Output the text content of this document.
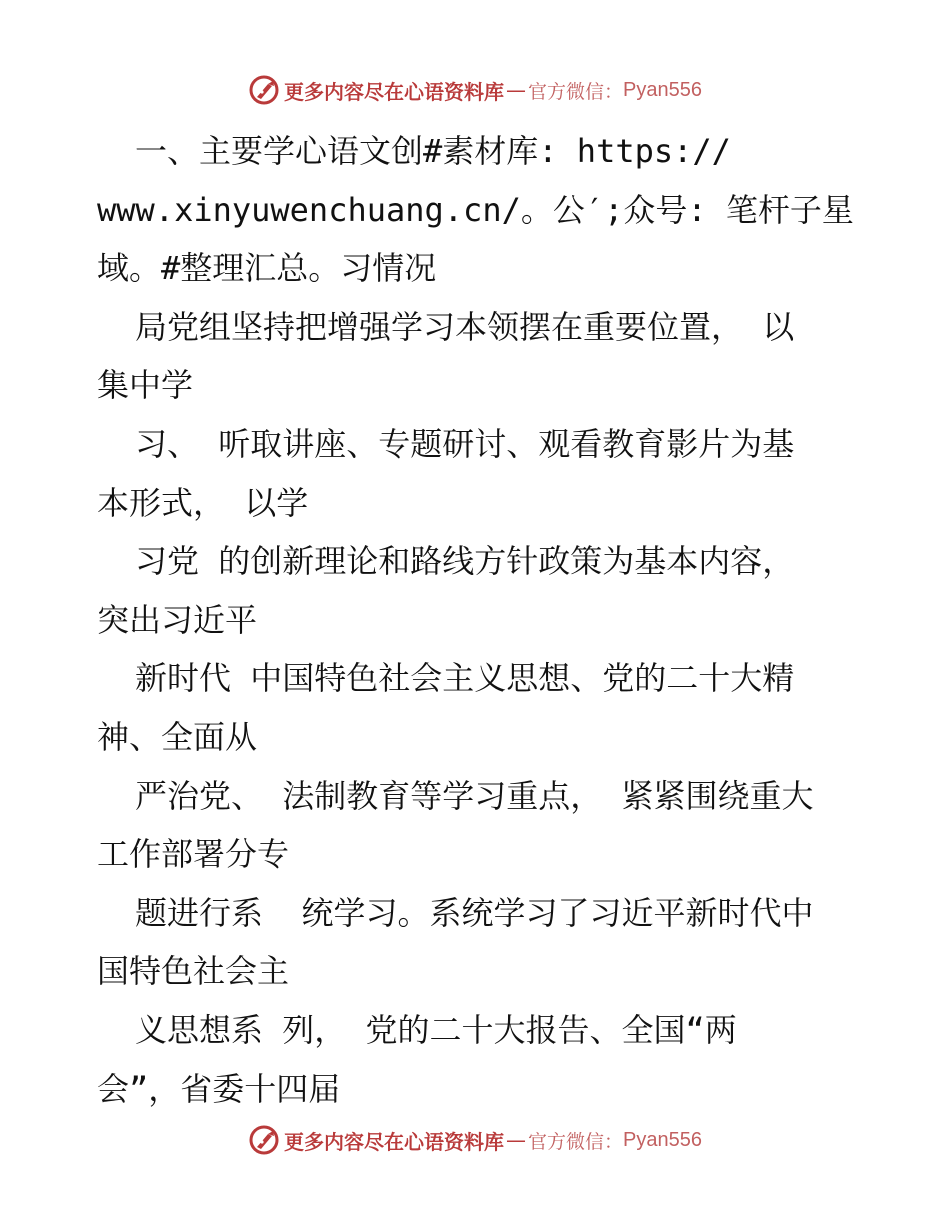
更多内容尽在心语资料库 — 官方微信： Pyan556
一、主要学心语文创#素材库: https://
www.xinyuwenchuang.cn/。公′;众号: 笔杆子星
域。#整理汇总。习情况
局党组坚持把增强学习本领摆在重要位置， 以
集中学
习、 听取讲座、专题研讨、观看教育影片为基
本形式， 以学
习党 的创新理论和路线方针政策为基本内容，
突出习近平
新时代 中国特色社会主义思想、党的二十大精
神、全面从
严治党、 法制教育等学习重点， 紧紧围绕重大
工作部署分专
题进行系  统学习。系统学习了习近平新时代中
国特色社会主
义思想系 列， 党的二十大报告、全国“两
会”，省委十四届
更多内容尽在心语资料库 — 官方微信： Pyan556
